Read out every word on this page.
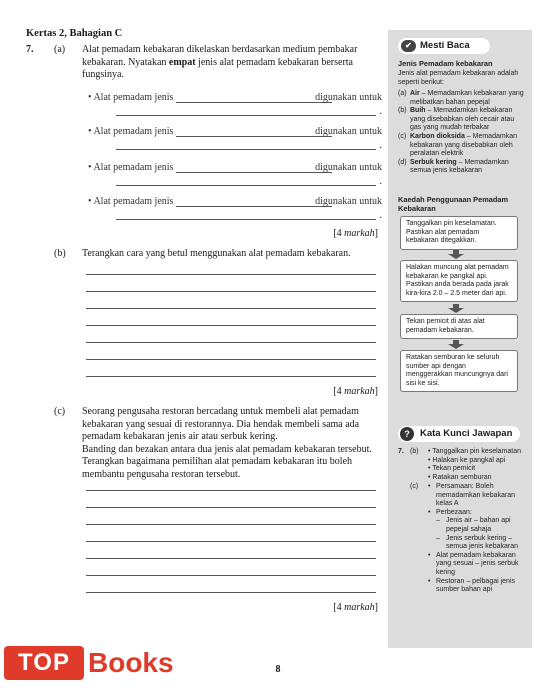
Kertas 2, Bahagian C
7. (a) Alat pemadam kebakaran dikelaskan berdasarkan medium pembakar kebakaran. Nyatakan empat jenis alat pemadam kebakaran berserta fungsinya.
• Alat pemadam jenis	digunakan untuk
.
• Alat pemadam jenis	digunakan untuk
.
• Alat pemadam jenis	digunakan untuk
.
• Alat pemadam jenis	digunakan untuk
.
[4 markah]
(b) Terangkan cara yang betul menggunakan alat pemadam kebakaran.
[4 markah]
(c) Seorang pengusaha restoran bercadang untuk membeli alat pemadam kebakaran yang sesuai di restorannya. Dia hendak membeli sama ada pemadam kebakaran jenis air atau serbuk kering.
Banding dan bezakan antara dua jenis alat pemadam kebakaran tersebut. Terangkan bagaimana pemilihan alat pemadam kebakaran itu boleh membantu pengusaha restoran tersebut.
[4 markah]
✔ Mesti Baca
Jenis Pemadam kebakaran
Jenis alat pemadam kebakaran adalah seperti berikut:
(a) Air – Memadamkan kebakaran yang melibatkan bahan pepejal
(b) Buih – Memadamkan kebakaran yang disebabkan oleh cecair atau gas yang mudah terbakar
(c) Karbon dioksida – Memadamkan kebakaran yang disebabkan oleh peralatan elektrik
(d) Serbuk kering – Memadamkan semua jenis kebakaran
Kaedah Penggunaan Pemadam Kebakaran
Tanggalkan pin keselamatan. Pastikan alat pemadam kebakaran ditegakkan.
Halakan muncung alat pemadam kebakaran ke pangkal api. Pastikan anda berada pada jarak kira-kira 2.0 – 2.5 meter dari api.
Tekan pemicit di atas alat pemadam kebakaran.
Ratakan semburan ke seluruh sumber api dengan menggerakkan muncungnya dari sisi ke sisi.
?	Kata Kunci Jawapan
7. (b) • Tanggalkan pin keselamatan
• Halakan ke pangkal api
• Tekan pemicit
• Ratakan semburan
(c) • Persamaan: Boleh memadamkan kebakaran kelas A
• Perbezaan:
– Jenis air – bahan api pepejal sahaja
– Jenis serbuk kering – semua jenis kebakaran
• Alat pemadam kebakaran yang sesuai – jenis serbuk kering
• Restoran – pelbagai jenis sumber bahan api
8
TOP Books
